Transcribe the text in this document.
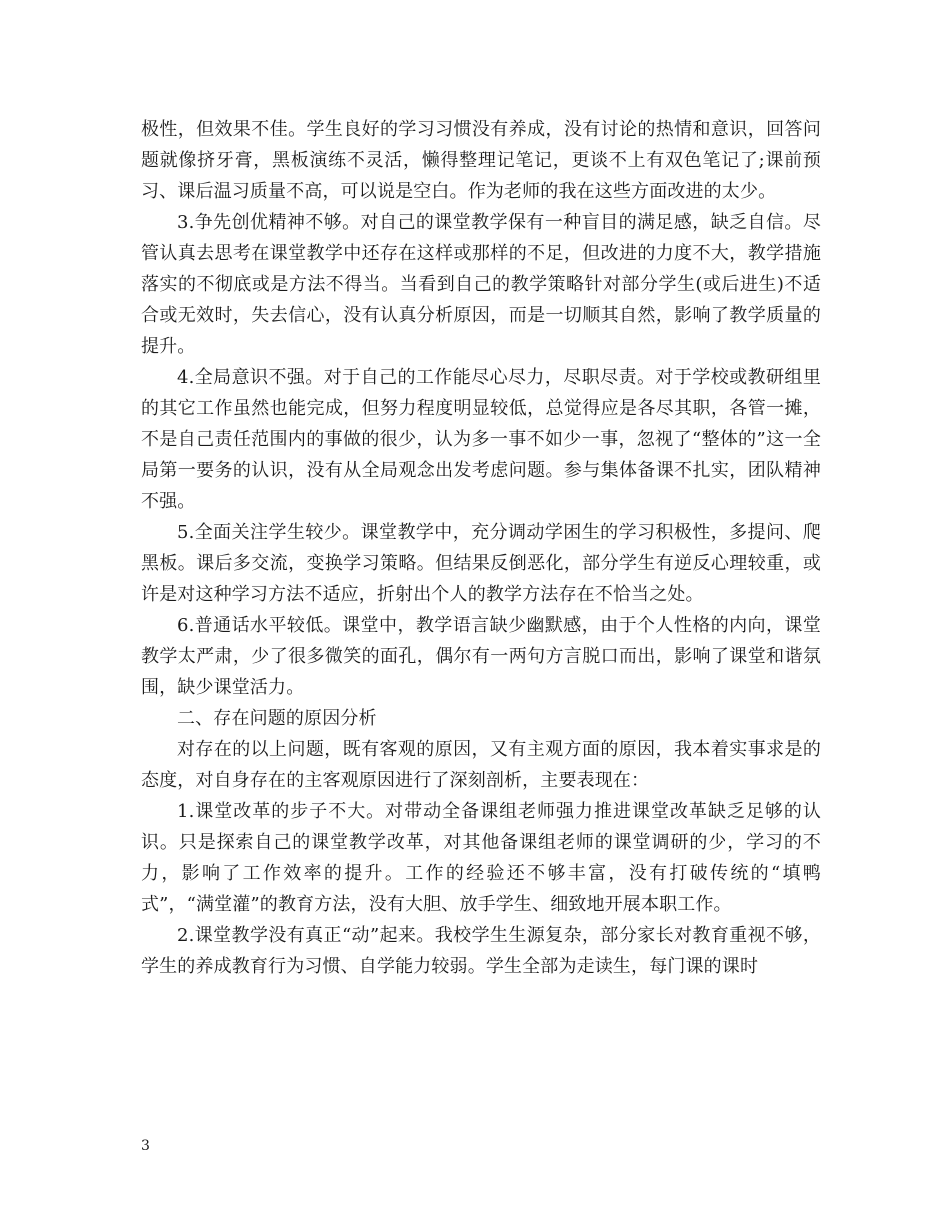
极性，但效果不佳。学生良好的学习习惯没有养成，没有讨论的热情和意识，回答问题就像挤牙膏，黑板演练不灵活，懒得整理记笔记，更谈不上有双色笔记了;课前预习、课后温习质量不高，可以说是空白。作为老师的我在这些方面改进的太少。

3.争先创优精神不够。对自己的课堂教学保有一种盲目的满足感，缺乏自信。尽管认真去思考在课堂教学中还存在这样或那样的不足，但改进的力度不大，教学措施落实的不彻底或是方法不得当。当看到自己的教学策略针对部分学生(或后进生)不适合或无效时，失去信心，没有认真分析原因，而是一切顺其自然，影响了教学质量的提升。

4.全局意识不强。对于自己的工作能尽心尽力，尽职尽责。对于学校或教研组里的其它工作虽然也能完成，但努力程度明显较低，总觉得应是各尽其职，各管一摊，不是自己责任范围内的事做的很少，认为多一事不如少一事，忽视了“整体的”这一全局第一要务的认识，没有从全局观念出发考虑问题。参与集体备课不扎实，团队精神不强。

5.全面关注学生较少。课堂教学中，充分调动学困生的学习积极性，多提问、爬黑板。课后多交流，变换学习策略。但结果反倒恶化，部分学生有逆反心理较重，或许是对这种学习方法不适应，折射出个人的教学方法存在不恰当之处。

6.普通话水平较低。课堂中，教学语言缺少幽默感，由于个人性格的内向，课堂教学太严肃，少了很多微笑的面孔，偶尔有一两句方言脱口而出，影响了课堂和谐氛围，缺少课堂活力。

二、存在问题的原因分析

对存在的以上问题，既有客观的原因，又有主观方面的原因，我本着实事求是的态度，对自身存在的主客观原因进行了深刻剖析，主要表现在：

1.课堂改革的步子不大。对带动全备课组老师强力推进课堂改革缺乏足够的认识。只是探索自己的课堂教学改革，对其他备课组老师的课堂调研的少，学习的不力，影响了工作效率的提升。工作的经验还不够丰富，没有打破传统的“填鸭式”，“满堂灌”的教育方法，没有大胆、放手学生、细致地开展本职工作。

2.课堂教学没有真正“动”起来。我校学生生源复杂，部分家长对教育重视不够，学生的养成教育行为习惯、自学能力较弱。学生全部为走读生，每门课的课时

3
